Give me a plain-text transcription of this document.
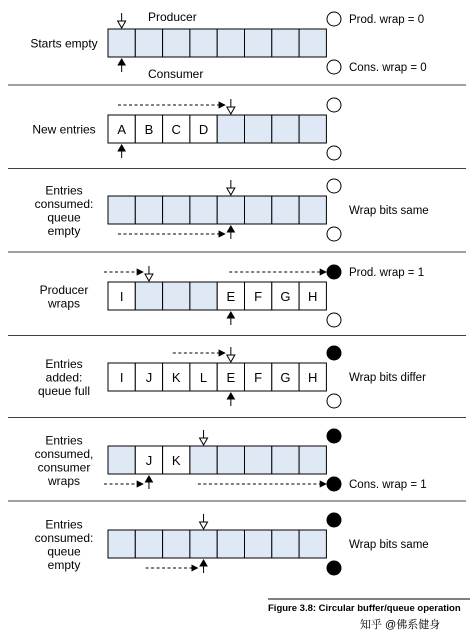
Starts empty
Prod. wrap = 0
Cons. wrap = 0
Producer
Consumer
New entries A B C D
Entries
consumed:
queue
empty
Wrap bits same
Producer
wraps	I	E F G H
Prod. wrap = 1
Entries
added:
queue full
I J K L E F G H	Wrap bits differ
Entries
consumed,
consumer
wraps
J K
Cons. wrap = 1
Entries
consumed:
queue
empty
Wrap bits same
Figure 3.8: Circular buffer/queue operation
知乎 @佛系健身
